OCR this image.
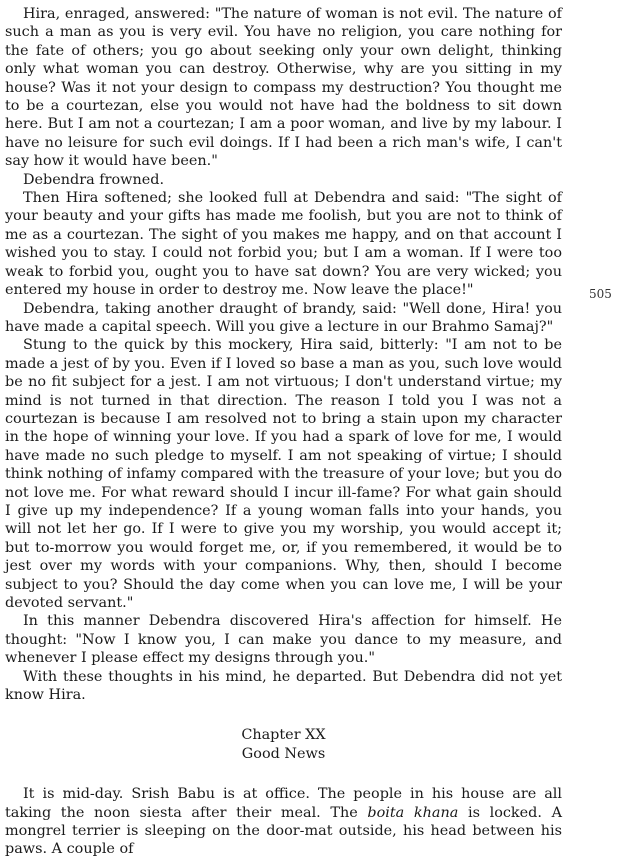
Hira, enraged, answered: "The nature of woman is not evil. The nature of such a man as you is very evil. You have no religion, you care nothing for the fate of others; you go about seeking only your own delight, thinking only what woman you can destroy. Otherwise, why are you sitting in my house? Was it not your design to compass my destruction? You thought me to be a courtezan, else you would not have had the boldness to sit down here. But I am not a courtezan; I am a poor woman, and live by my labour. I have no leisure for such evil doings. If I had been a rich man's wife, I can't say how it would have been."

Debendra frowned.

Then Hira softened; she looked full at Debendra and said: "The sight of your beauty and your gifts has made me foolish, but you are not to think of me as a courtezan. The sight of you makes me happy, and on that account I wished you to stay. I could not forbid you; but I am a woman. If I were too weak to forbid you, ought you to have sat down? You are very wicked; you entered my house in order to destroy me. Now leave the place!"

Debendra, taking another draught of brandy, said: "Well done, Hira! you have made a capital speech. Will you give a lecture in our Brahmo Samaj?"

Stung to the quick by this mockery, Hira said, bitterly: "I am not to be made a jest of by you. Even if I loved so base a man as you, such love would be no fit subject for a jest. I am not virtuous; I don't understand virtue; my mind is not turned in that direction. The reason I told you I was not a courtezan is because I am resolved not to bring a stain upon my character in the hope of winning your love. If you had a spark of love for me, I would have made no such pledge to myself. I am not speaking of virtue; I should think nothing of infamy compared with the treasure of your love; but you do not love me. For what reward should I incur ill-fame? For what gain should I give up my independence? If a young woman falls into your hands, you will not let her go. If I were to give you my worship, you would accept it; but to-morrow you would forget me, or, if you remembered, it would be to jest over my words with your companions. Why, then, should I become subject to you? Should the day come when you can love me, I will be your devoted servant."

In this manner Debendra discovered Hira's affection for himself. He thought: "Now I know you, I can make you dance to my measure, and whenever I please effect my designs through you."

With these thoughts in his mind, he departed. But Debendra did not yet know Hira.

Chapter XX
Good News

It is mid-day. Srish Babu is at office. The people in his house are all taking the noon siesta after their meal. The boita khana is locked. A mongrel terrier is sleeping on the door-mat outside, his head between his paws. A couple of

505
